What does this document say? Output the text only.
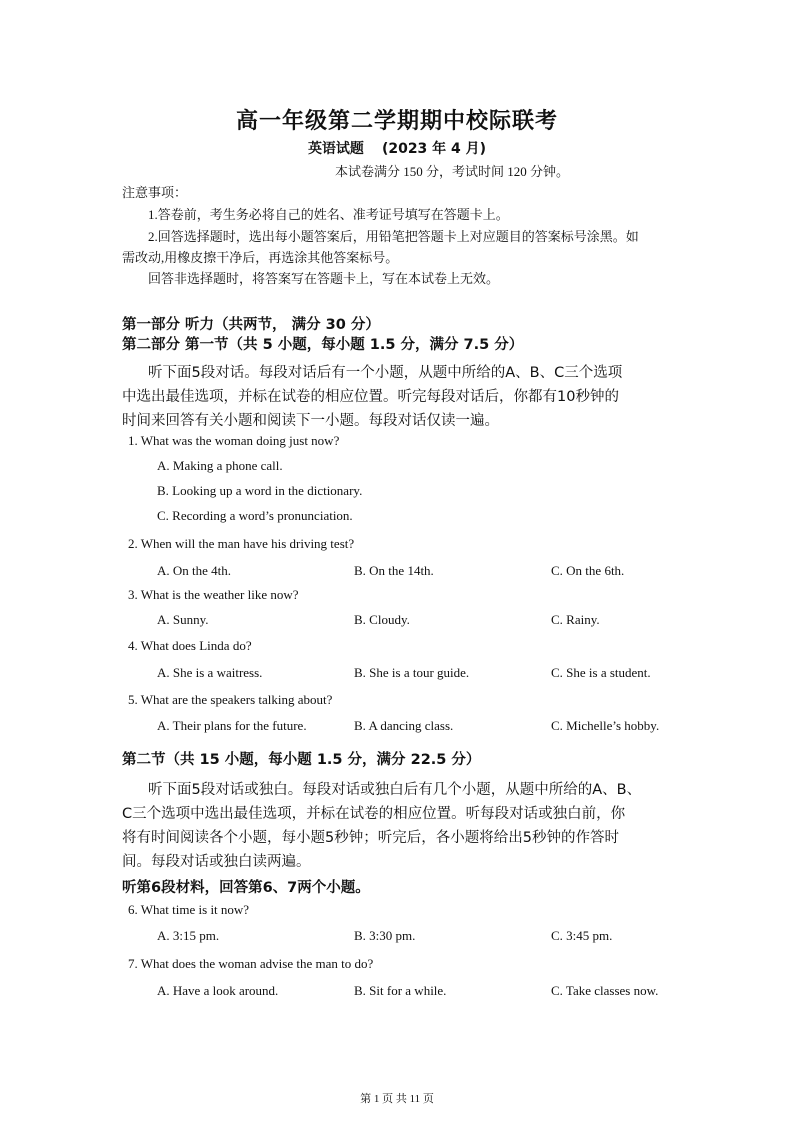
高一年级第二学期期中校际联考
英语试题 (2023 年 4 月)
本试卷满分 150 分，考试时间 120 分钟。
注意事项：
1.答卷前，考生务必将自己的姓名、准考证号填写在答题卡上。
2.回答选择题时，选出每小题答案后，用铅笔把答题卡上对应题目的答案标号涂黑。如
需改动,用橡皮擦干净后，再选涂其他答案标号。
回答非选择题时，将答案写在答题卡上，写在本试卷上无效。
第一部分 听力（共两节， 满分 30 分）
第二部分 第一节（共 5 小题，每小题 1.5 分，满分 7.5 分）
听下面5段对话。每段对话后有一个小题，从题中所给的A、B、C三个选项
中选出最佳选项，并标在试卷的相应位置。听完每段对话后，你都有10秒钟的
时间来回答有关小题和阅读下一小题。每段对话仅读一遍。
1. What was the woman doing just now?
A. Making a phone call.
B. Looking up a word in the dictionary.
C. Recording a word’s pronunciation.
2. When will the man have his driving test?
A. On the 4th.	B. On the 14th.	C. On the 6th.
3. What is the weather like now?
A. Sunny.	B. Cloudy.	C. Rainy.
4. What does Linda do?
A. She is a waitress.	B. She is a tour guide.	C. She is a student.
5. What are the speakers talking about?
A. Their plans for the future.	B. A dancing class.	C. Michelle’s hobby.
第二节（共 15 小题，每小题 1.5 分，满分 22.5 分）
听下面5段对话或独白。每段对话或独白后有几个小题，从题中所给的A、B、
C三个选项中选出最佳选项，并标在试卷的相应位置。听每段对话或独白前，你
将有时间阅读各个小题，每小题5秒钟；听完后，各小题将给出5秒钟的作答时
间。每段对话或独白读两遍。
听第6段材料，回答第6、7两个小题。
6. What time is it now?
A. 3:15 pm.	B. 3:30 pm.	C. 3:45 pm.
7. What does the woman advise the man to do?
A. Have a look around.	B. Sit for a while.	C. Take classes now.
第 1 页 共 11 页
